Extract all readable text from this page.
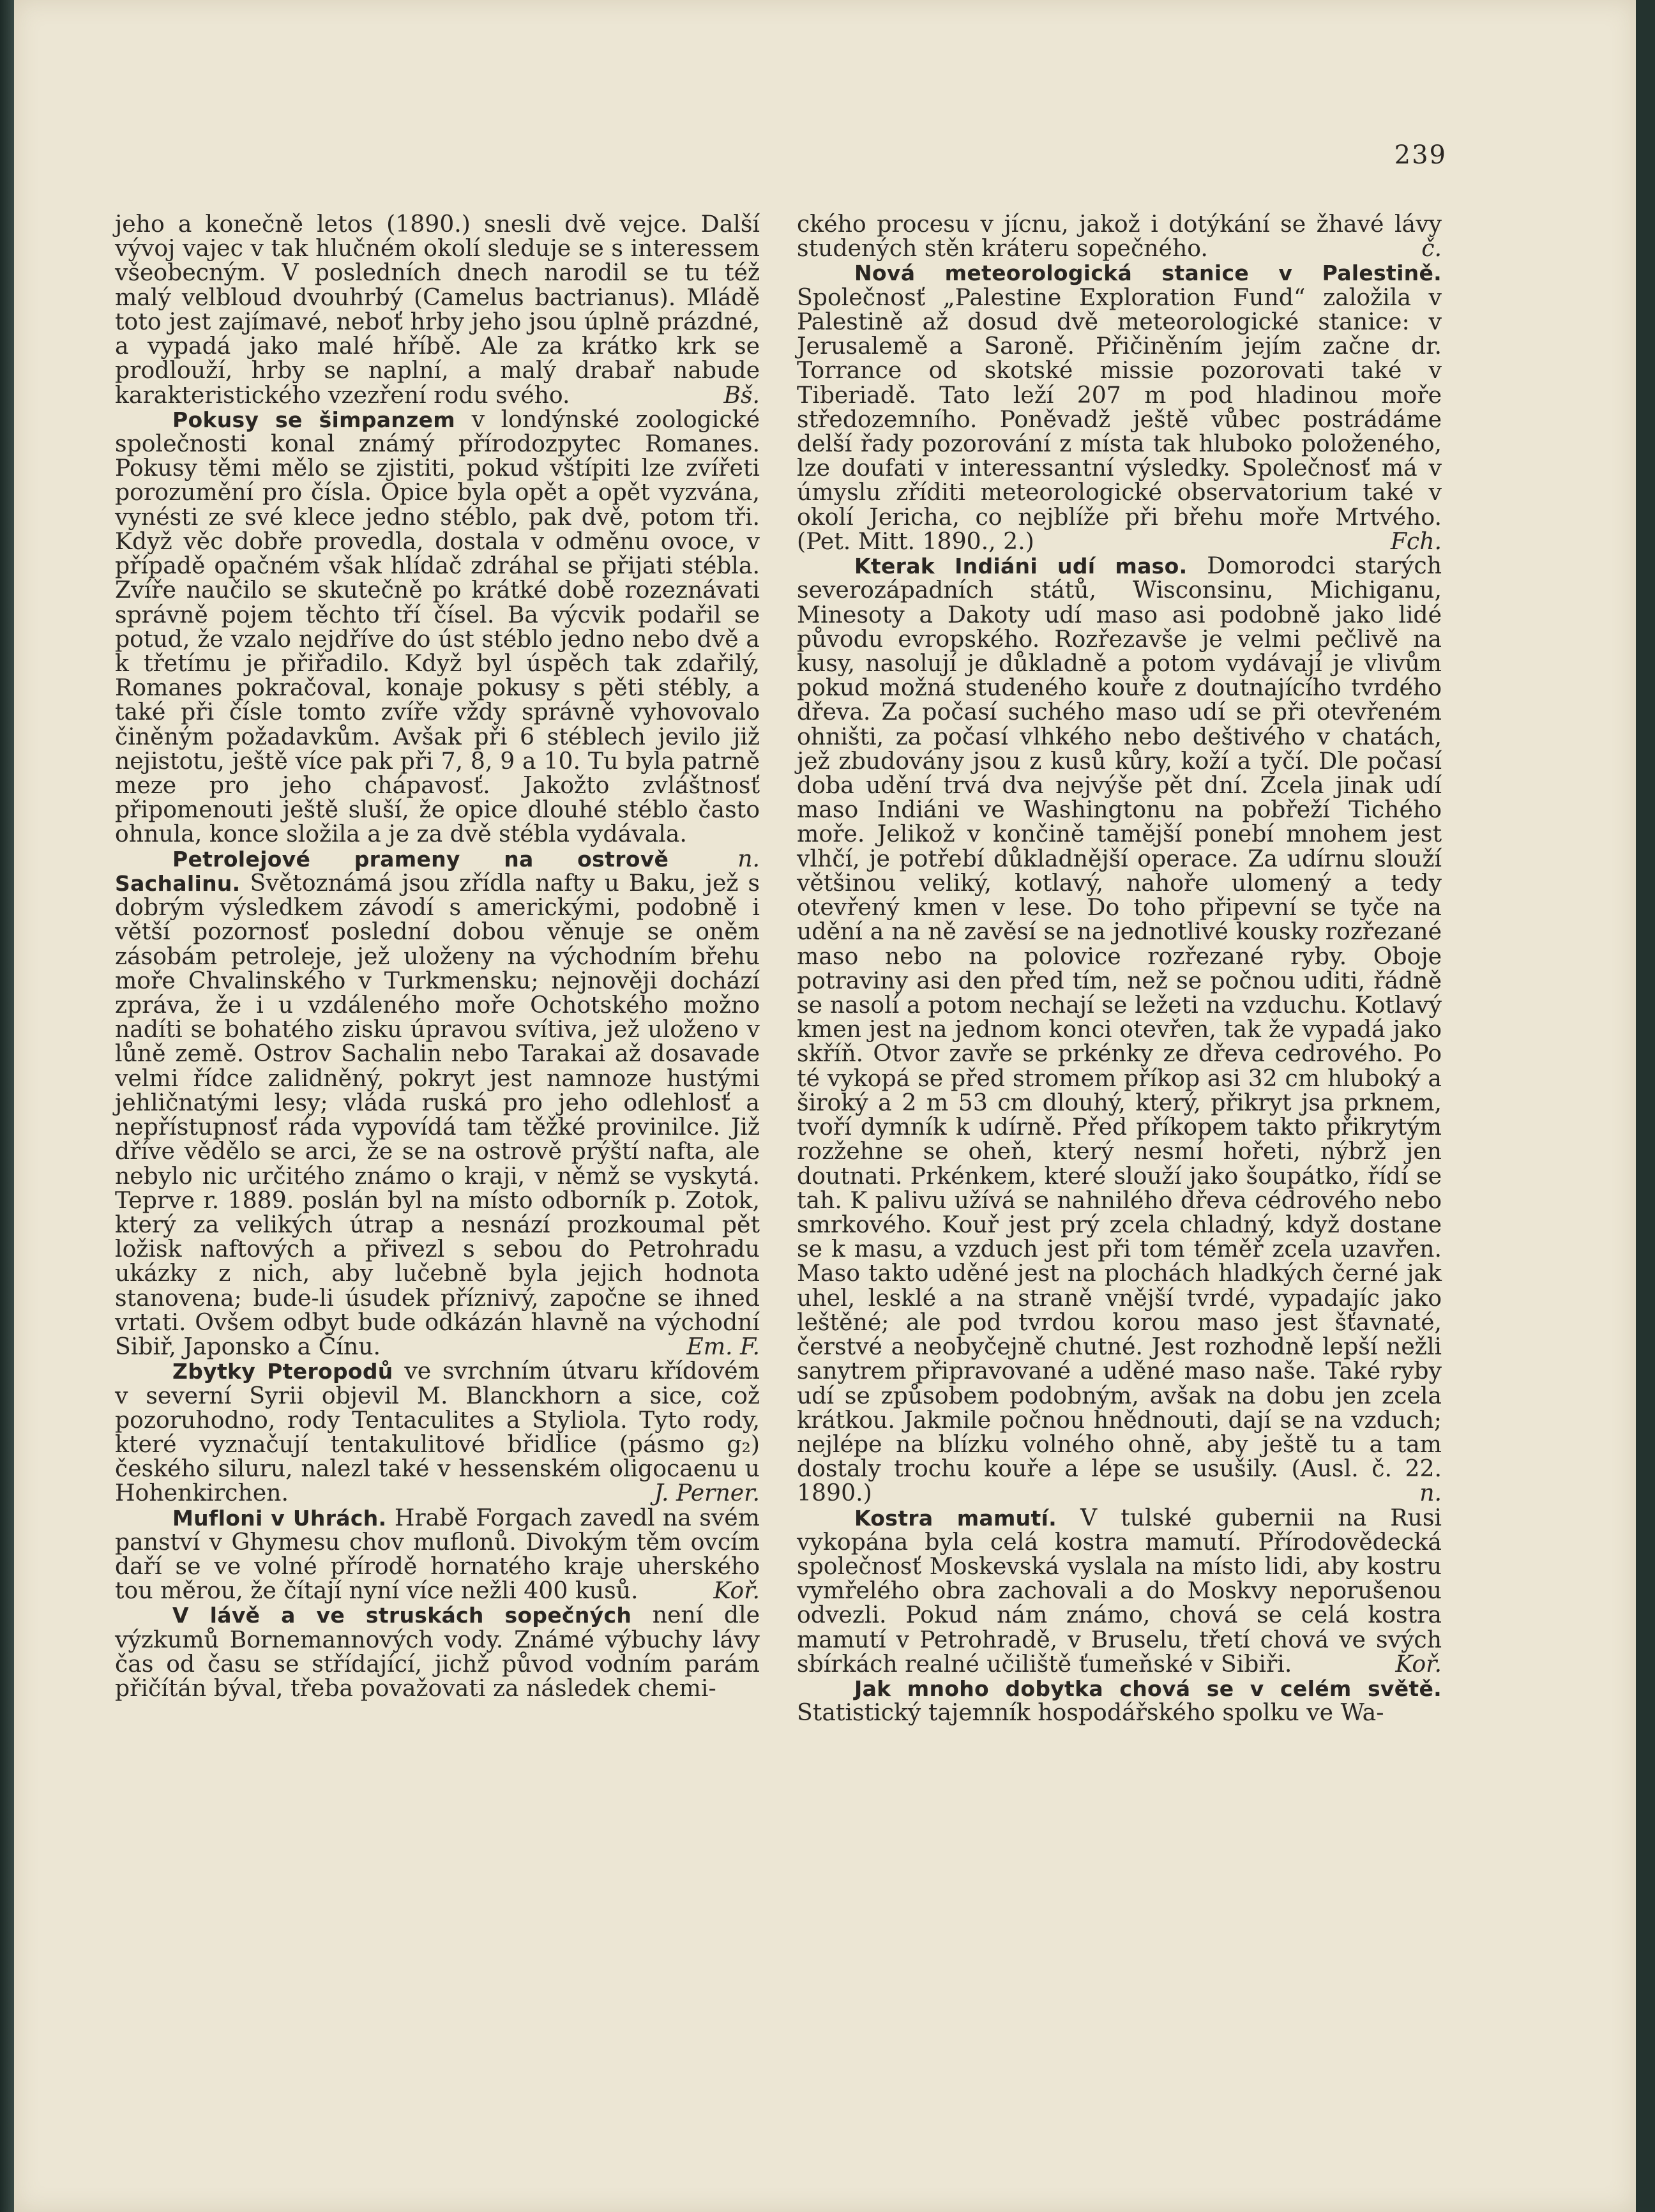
239

jeho a konečně letos (1890.) snesli dvě vejce. Další vývoj vajec v tak hlučném okolí sleduje se s interessem všeobecným. V posledních dnech narodil se tu též malý velbloud dvouhrbý (Camelus bactrianus). Mládě toto jest zajímavé, neboť hrby jeho jsou úplně prázdné, a vypadá jako malé hříbě. Ale za krátko krk se prodlouží, hrby se naplní, a malý drabař nabude karakteristického vzezření rodu svého.	Bš.

Pokusy se šimpanzem v londýnské zoologické společnosti konal známý přírodozpytec Romanes. Pokusy těmi mělo se zjistiti, pokud vštípiti lze zvířeti porozumění pro čísla. Opice byla opět a opět vyzvána, vynésti ze své klece jedno stéblo, pak dvě, potom tři. Když věc dobře provedla, dostala v odměnu ovoce, v případě opačném však hlídač zdráhal se přijati stébla. Zvíře naučilo se skutečně po krátké době rozeznávati správně pojem těchto tří čísel. Ba výcvik podařil se potud, že vzalo nejdříve do úst stéblo jedno nebo dvě a k třetímu je přiřadilo. Když byl úspěch tak zdařilý, Romanes pokračoval, konaje pokusy s pěti stébly, a také při čísle tomto zvíře vždy správně vyhovovalo činěným požadavkům. Avšak při 6 stéblech jevilo již nejistotu, ještě více pak při 7, 8, 9 a 10. Tu byla patrně meze pro jeho chápavosť. Jakožto zvláštnosť připomenouti ještě sluší, že opice dlouhé stéblo často ohnula, konce složila a je za dvě stébla vydávala.
n.

Petrolejové prameny na ostrově Sachalinu. Světoznámá jsou zřídla nafty u Baku, jež s dobrým výsledkem závodí s americkými, podobně i větší pozornosť poslední dobou věnuje se oněm zásobám petroleje, jež uloženy na východním břehu moře Chvalinského v Turkmensku; nejnověji dochází zpráva, že i u vzdáleného moře Ochotského možno nadíti se bohatého zisku úpravou svítiva, jež uloženo v lůně země. Ostrov Sachalin nebo Tarakai až dosavade velmi řídce zalidněný, pokryt jest namnoze hustými jehličnatými lesy; vláda ruská pro jeho odlehlosť a nepřístupnosť ráda vypovídá tam těžké provinilce. Již dříve vědělo se arci, že se na ostrově prýští nafta, ale nebylo nic určitého známo o kraji, v němž se vyskytá. Teprve r. 1889. poslán byl na místo odborník p. Zotok, který za velikých útrap a nesnází prozkoumal pět ložisk naftových a přivezl s sebou do Petrohradu ukázky z nich, aby lučebně byla jejich hodnota stanovena; bude-li úsudek příznivý, započne se ihned vrtati. Ovšem odbyt bude odkázán hlavně na východní Sibiř, Japonsko a Čínu.	Em. F.

Zbytky Pteropodů ve svrchním útvaru křídovém v severní Syrii objevil M. Blanckhorn a sice, což pozoruhodno, rody Tentaculites a Styliola. Tyto rody, které vyznačují tentakulitové břidlice (pásmo g₂) českého siluru, nalezl také v hessenském oligocaenu u Hohenkirchen.	J. Perner.

Mufloni v Uhrách. Hrabě Forgach zavedl na svém panství v Ghymesu chov muflonů. Divokým těm ovcím daří se ve volné přírodě hornatého kraje uherského tou měrou, že čítají nyní více nežli 400 kusů.	Koř.

V lávě a ve struskách sopečných není dle výzkumů Bornemannových vody. Známé výbuchy lávy čas od času se střídající, jichž původ vodním parám přičítán býval, třeba považovati za následek chemi-

ckého procesu v jícnu, jakož i dotýkání se žhavé lávy studených stěn kráteru sopečného.	č.

Nová meteorologická stanice v Palestině. Společnosť „Palestine Exploration Fund“ založila v Palestině až dosud dvě meteorologické stanice: v Jerusalemě a Saroně. Přičiněním jejím začne dr. Torrance od skotské missie pozorovati také v Tiberiadě. Tato leží 207 m pod hladinou moře středozemního. Poněvadž ještě vůbec postrádáme delší řady pozorování z místa tak hluboko položeného, lze doufati v interessantní výsledky. Společnosť má v úmyslu zříditi meteorologické observatorium také v okolí Jericha, co nejblíže při břehu moře Mrtvého. (Pet. Mitt. 1890., 2.)	Fch.

Kterak Indiáni udí maso. Domorodci starých severozápadních států, Wisconsinu, Michiganu, Minesoty a Dakoty udí maso asi podobně jako lidé původu evropského. Rozřezavše je velmi pečlivě na kusy, nasolují je důkladně a potom vydávají je vlivům pokud možná studeného kouře z doutnajícího tvrdého dřeva. Za počasí suchého maso udí se při otevřeném ohništi, za počasí vlhkého nebo deštivého v chatách, jež zbudovány jsou z kusů kůry, koží a tyčí. Dle počasí doba udění trvá dva nejvýše pět dní. Zcela jinak udí maso Indiáni ve Washingtonu na pobřeží Tichého moře. Jelikož v končině tamější ponebí mnohem jest vlhčí, je potřebí důkladnější operace. Za udírnu slouží většinou veliký, kotlavý, nahoře ulomený a tedy otevřený kmen v lese. Do toho připevní se tyče na udění a na ně zavěsí se na jednotlivé kousky rozřezané maso nebo na polovice rozřezané ryby. Oboje potraviny asi den před tím, než se počnou uditi, řádně se nasolí a potom nechají se ležeti na vzduchu. Kotlavý kmen jest na jednom konci otevřen, tak že vypadá jako skříň. Otvor zavře se prkénky ze dřeva cedrového. Po té vykopá se před stromem příkop asi 32 cm hluboký a široký a 2 m 53 cm dlouhý, který, přikryt jsa prknem, tvoří dymník k udírně. Před příkopem takto přikrytým rozžehne se oheň, který nesmí hořeti, nýbrž jen doutnati. Prkénkem, které slouží jako šoupátko, řídí se tah. K palivu užívá se nahnilého dřeva cédrového nebo smrkového. Kouř jest prý zcela chladný, když dostane se k masu, a vzduch jest při tom téměř zcela uzavřen. Maso takto uděné jest na plochách hladkých černé jak uhel, lesklé a na straně vnější tvrdé, vypadajíc jako leštěné; ale pod tvrdou korou maso jest šťavnaté, čerstvé a neobyčejně chutné. Jest rozhodně lepší nežli sanytrem připravované a uděné maso naše. Také ryby udí se způsobem podobným, avšak na dobu jen zcela krátkou. Jakmile počnou hnědnouti, dají se na vzduch; nejlépe na blízku volného ohně, aby ještě tu a tam dostaly trochu kouře a lépe se usušily. (Ausl. č. 22. 1890.)	n.

Kostra mamutí. V tulské gubernii na Rusi vykopána byla celá kostra mamutí. Přírodovědecká společnosť Moskevská vyslala na místo lidi, aby kostru vymřelého obra zachovali a do Moskvy neporušenou odvezli. Pokud nám známo, chová se celá kostra mamutí v Petrohradě, v Bruselu, třetí chová ve svých sbírkách realné učiliště ťumeňské v Sibiři.	Koř.

Jak mnoho dobytka chová se v celém světě. Statistický tajemník hospodářského spolku ve Wa-
